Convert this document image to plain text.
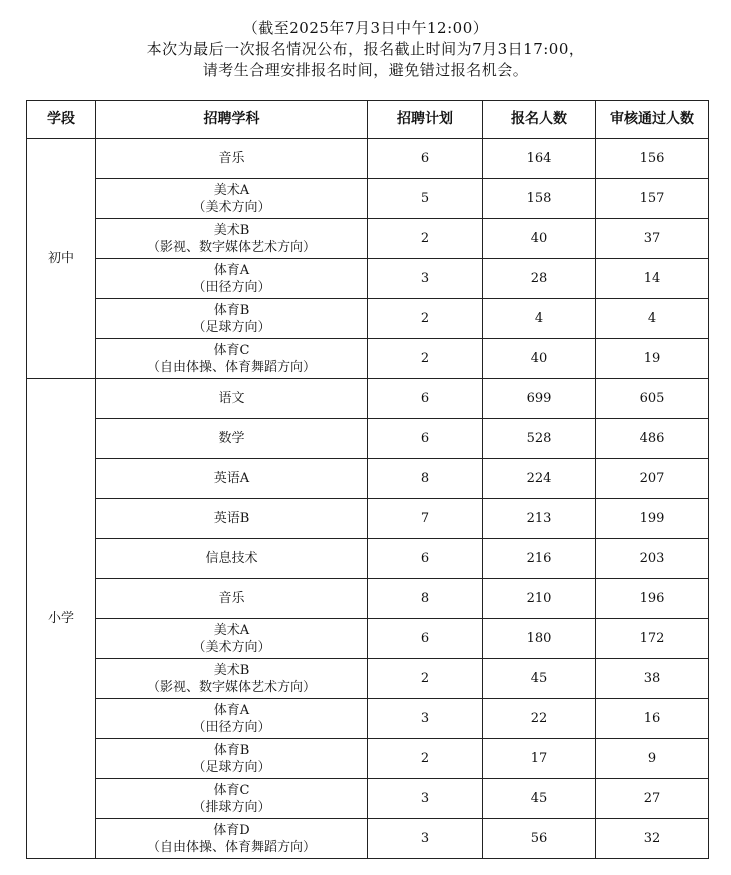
（截至2025年7月3日中午12:00）
本次为最后一次报名情况公布，报名截止时间为7月3日17:00，
请考生合理安排报名时间，避免错过报名机会。
学段	招聘学科	招聘计划	报名人数	审核通过人数
初中	音乐	6	164	156

	美术A
（美术方向）	5	158	157

	美术B
（影视、数字媒体艺术方向）	2	40	37

	体育A
（田径方向）	3	28	14

	体育B
（足球方向）	2	4	4

	体育C
（自由体操、体育舞蹈方向）	2	40	19
小学	语文	6	699	605

	数学	6	528	486

	英语A	8	224	207

	英语B	7	213	199

	信息技术	6	216	203

	音乐	8	210	196

	美术A
（美术方向）	6	180	172

	美术B
（影视、数字媒体艺术方向）	2	45	38

	体育A
（田径方向）	3	22	16

	体育B
（足球方向）	2	17	9

	体育C
（排球方向）	3	45	27

	体育D
（自由体操、体育舞蹈方向）	3	56	32
